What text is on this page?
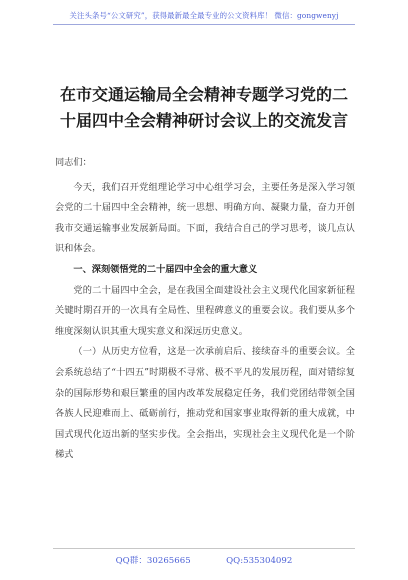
关注头条号“公文研究”，获得最新最全最专业的公文资料库！ 微信：gongwenyj
在市交通运输局全会精神专题学习党的二
十届四中全会精神研讨会议上的交流发言

同志们：

今天，我们召开党组理论学习中心组学习会，主要任务是深入学习领会党的二十届四中全会精神，统一思想、明确方向、凝聚力量，奋力开创我市交通运输事业发展新局面。下面，我结合自己的学习思考，谈几点认识和体会。

一、深刻领悟党的二十届四中全会的重大意义

党的二十届四中全会，是在我国全面建设社会主义现代化国家新征程关键时期召开的一次具有全局性、里程碑意义的重要会议。我们要从多个维度深刻认识其重大现实意义和深远历史意义。

（一）从历史方位看，这是一次承前启后、接续奋斗的重要会议。全会系统总结了“十四五”时期极不寻常、极不平凡的发展历程，面对错综复杂的国际形势和艰巨繁重的国内改革发展稳定任务，我们党团结带领全国各族人民迎难而上、砥砺前行，推动党和国家事业取得新的重大成就，中国式现代化迈出新的坚实步伐。全会指出，实现社会主义现代化是一个阶梯式

QQ群：30265665	QQ:535304092
